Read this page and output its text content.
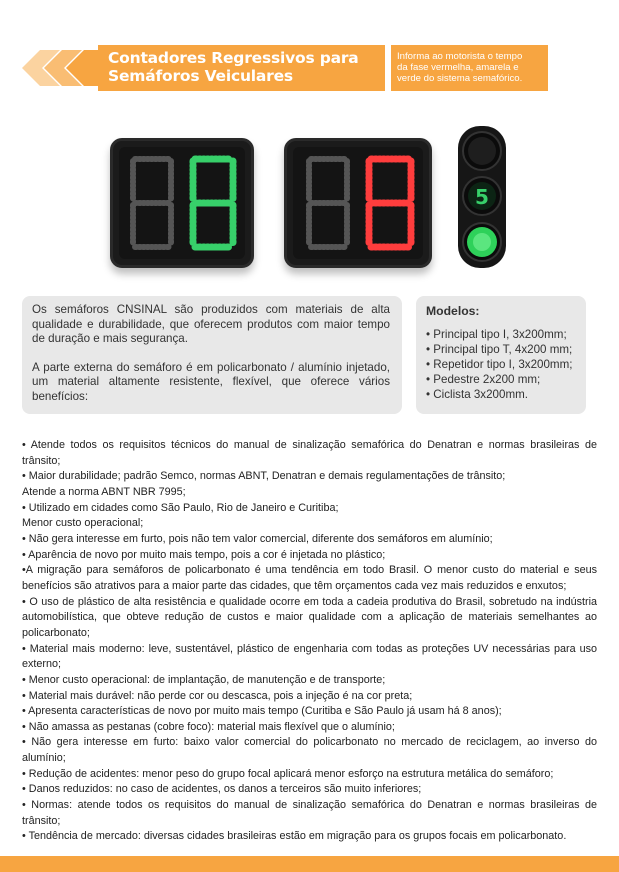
Contadores Regressivos para
Semáforos Veiculares
Informa ao motorista o tempo
da fase vermelha, amarela e
verde do sistema semafórico.
5

Os semáforos CNSINAL são produzidos com materiais de alta qualidade e durabilidade, que oferecem produtos com maior tempo de duração e mais segurança.

A parte externa do semáforo é em policarbonato / alumínio injetado, um material altamente resistente, flexível, que oferece vários benefícios:

Modelos:
• Principal tipo I, 3x200mm;
• Principal tipo T, 4x200 mm;
• Repetidor tipo I, 3x200mm;
• Pedestre 2x200 mm;
• Ciclista 3x200mm.
• Atende todos os requisitos técnicos do manual de sinalização semafórica do Denatran e normas brasileiras de trânsito;
• Maior durabilidade; padrão Semco, normas ABNT, Denatran e demais regulamentações de trânsito;
Atende a norma ABNT NBR 7995;
• Utilizado em cidades como São Paulo, Rio de Janeiro e Curitiba;
Menor custo operacional;
• Não gera interesse em furto, pois não tem valor comercial, diferente dos semáforos em alumínio;
• Aparência de novo por muito mais tempo, pois a cor é injetada no plástico;
•A migração para semáforos de policarbonato é uma tendência em todo Brasil. O menor custo do material e seus benefícios são atrativos para a maior parte das cidades, que têm orçamentos cada vez mais reduzidos e enxutos;
• O uso de plástico de alta resistência e qualidade ocorre em toda a cadeia produtiva do Brasil, sobretudo na indústria automobilística, que obteve redução de custos e maior qualidade com a aplicação de materiais semelhantes ao policarbonato;
• Material mais moderno: leve, sustentável, plástico de engenharia com todas as proteções UV necessárias para uso externo;
• Menor custo operacional: de implantação, de manutenção e de transporte;
• Material mais durável: não perde cor ou descasca, pois a injeção é na cor preta;
• Apresenta características de novo por muito mais tempo (Curitiba e São Paulo já usam há 8 anos);
• Não amassa as pestanas (cobre foco): material mais flexível que o alumínio;
• Não gera interesse em furto: baixo valor comercial do policarbonato no mercado de reciclagem, ao inverso do alumínio;
• Redução de acidentes: menor peso do grupo focal aplicará menor esforço na estrutura metálica do semáforo;
• Danos reduzidos: no caso de acidentes, os danos a terceiros são muito inferiores;
• Normas: atende todos os requisitos do manual de sinalização semafórica do Denatran e normas brasileiras de trânsito;
• Tendência de mercado: diversas cidades brasileiras estão em migração para os grupos focais em policarbonato.
